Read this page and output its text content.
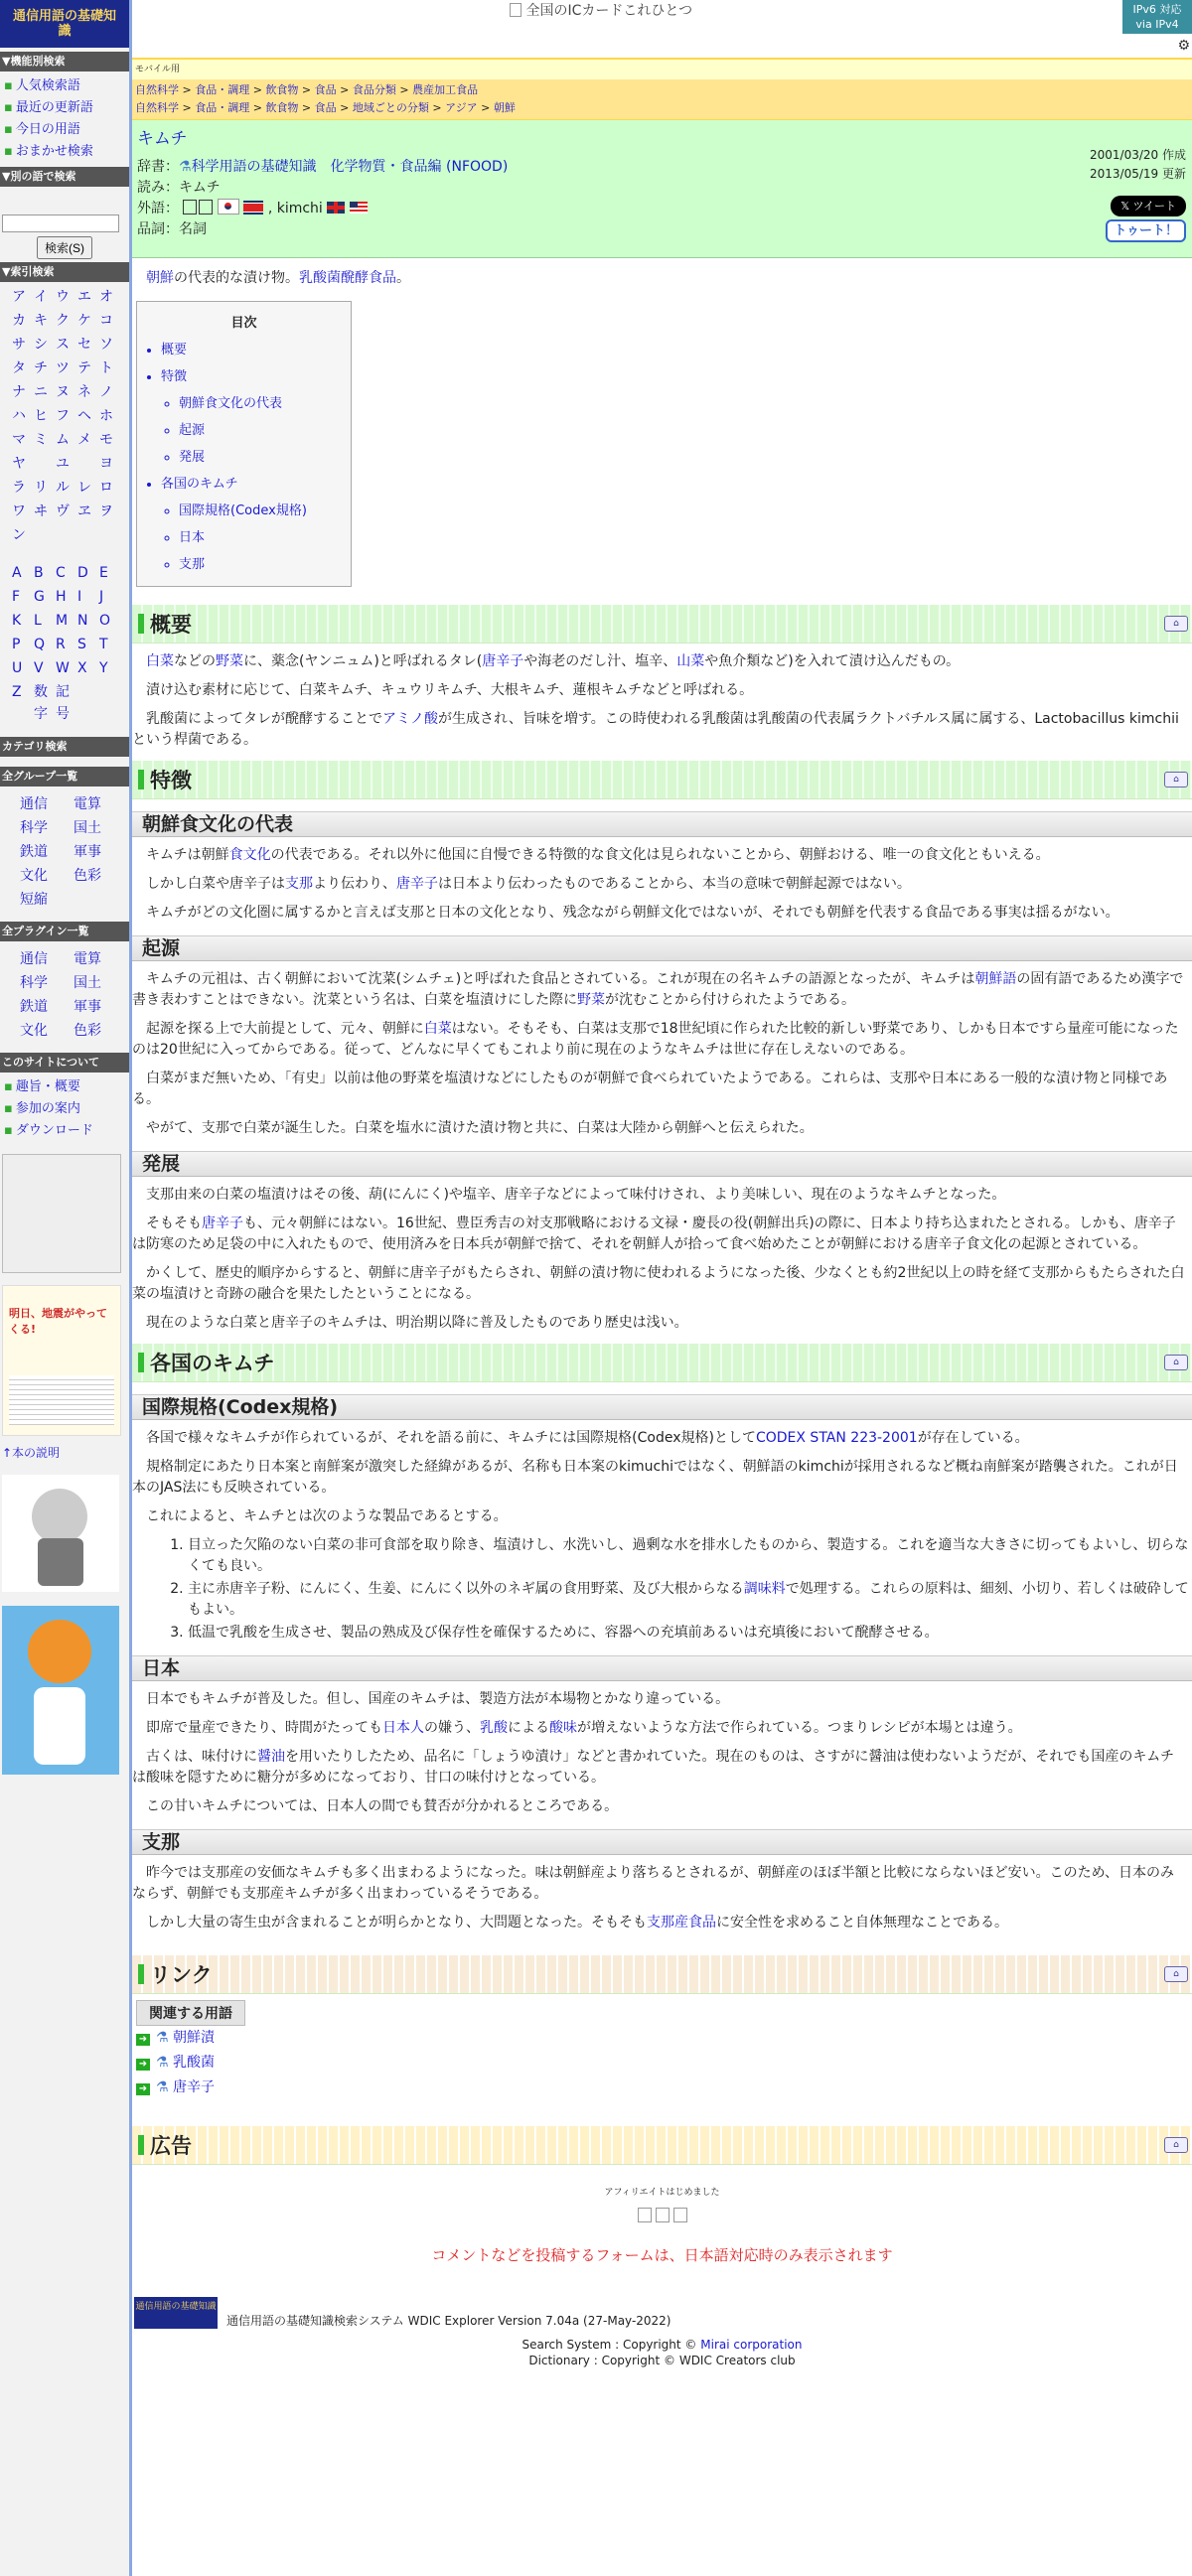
通信用語の基礎知識
▼機能別検索
▪ 人気検索語
▪ 最近の更新語
▪ 今日の用語
▪ おまかせ検索
▼別の語で検索
検索(S)
▼索引検索
ア イ ウ エ オ
カ キ ク ケ コ
サ シ ス セ ソ
タ チ ツ テ ト
ナ ニ ヌ ネ ノ
ハ ヒ フ ヘ ホ
マ ミ ム メ モ
ヤ	ユ	ヨ
ラ リ ル レ ロ
ワ ヰ ヴ ヱ ヲ
ン
A B C D E
F G H I	J
K L	M N O
P Q R S T
U V W X Y
Z 数字
記号
カテゴリ検索
全グループ一覧
通信	電算
科学	国土
鉄道	軍事
文化	色彩
短縮
全プラグイン一覧
通信	電算
科学	国土
鉄道	軍事
文化	色彩
このサイトについて
▪ 趣旨・概要
▪ 参加の案内
▪ ダウンロード
明日、地震がやってくる!
↑本の説明
全国のICカードこれひとつ	IPv6 対応
via IPv4
⚙
モバイル用
自然科学 > 食品・調理 > 飲食物 > 食品 > 食品分類 > 農産加工食品
自然科学 > 食品・調理 > 飲食物 > 食品 > 地域ごとの分類 > アジア > 朝鮮
キムチ
辞書：⚗科学用語の基礎知識　化学物質・食品編 (NFOOD)
読み：キムチ
外語：	, kimchi

品詞：名詞
2001/03/20 作成
2013/05/19 更新
𝕏 ツイート
トゥート！

朝鮮の代表的な漬け物。乳酸菌醗酵食品。

目次
• 概要
• 特徴
◦ 朝鮮食文化の代表
◦ 起源
◦ 発展
• 各国のキムチ
◦ 国際規格(Codex規格)
◦ 日本
◦ 支那
概要	⌂

白菜などの野菜に、薬念(ヤンニュム)と呼ばれるタレ(唐辛子や海老のだし汁、塩辛、山菜や魚介類など)を入れて漬け込んだもの。

漬け込む素材に応じて、白菜キムチ、キュウリキムチ、大根キムチ、蓮根キムチなどと呼ばれる。

乳酸菌によってタレが醗酵することでアミノ酸が生成され、旨味を増す。この時使われる乳酸菌は乳酸菌の代表属ラクトバチルス属に属する、Lactobacillus kimchiiという桿菌である。

特徴	⌂
朝鮮食文化の代表

キムチは朝鮮食文化の代表である。それ以外に他国に自慢できる特徴的な食文化は見られないことから、朝鮮おける、唯一の食文化ともいえる。

しかし白菜や唐辛子は支那より伝わり、唐辛子は日本より伝わったものであることから、本当の意味で朝鮮起源ではない。

キムチがどの文化圏に属するかと言えば支那と日本の文化となり、残念ながら朝鮮文化ではないが、それでも朝鮮を代表する食品である事実は揺るがない。

起源

キムチの元祖は、古く朝鮮において沈菜(シムチェ)と呼ばれた食品とされている。これが現在の名キムチの語源となったが、キムチは朝鮮語の固有語であるため漢字で書き表わすことはできない。沈菜という名は、白菜を塩漬けにした際に野菜が沈むことから付けられたようである。

起源を探る上で大前提として、元々、朝鮮に白菜はない。そもそも、白菜は支那で18世紀頃に作られた比較的新しい野菜であり、しかも日本ですら量産可能になったのは20世紀に入ってからである。従って、どんなに早くてもこれより前に現在のようなキムチは世に存在しえないのである。

白菜がまだ無いため、「有史」以前は他の野菜を塩漬けなどにしたものが朝鮮で食べられていたようである。これらは、支那や日本にある一般的な漬け物と同様である。

やがて、支那で白菜が誕生した。白菜を塩水に漬けた漬け物と共に、白菜は大陸から朝鮮へと伝えられた。

発展

支那由来の白菜の塩漬けはその後、葫(にんにく)や塩辛、唐辛子などによって味付けされ、より美味しい、現在のようなキムチとなった。

そもそも唐辛子も、元々朝鮮にはない。16世紀、豊臣秀吉の対支那戦略における文禄・慶長の役(朝鮮出兵)の際に、日本より持ち込まれたとされる。しかも、唐辛子は防寒のため足袋の中に入れたもので、使用済みを日本兵が朝鮮で捨て、それを朝鮮人が拾って食べ始めたことが朝鮮における唐辛子食文化の起源とされている。

かくして、歴史的順序からすると、朝鮮に唐辛子がもたらされ、朝鮮の漬け物に使われるようになった後、少なくとも約2世紀以上の時を経て支那からもたらされた白菜の塩漬けと奇跡の融合を果たしたということになる。

現在のような白菜と唐辛子のキムチは、明治期以降に普及したものであり歴史は浅い。

各国のキムチ	⌂
国際規格(Codex規格)

各国で様々なキムチが作られているが、それを語る前に、キムチには国際規格(Codex規格)としてCODEX STAN 223-2001が存在している。

規格制定にあたり日本案と南鮮案が激突した経緯があるが、名称も日本案のkimuchiではなく、朝鮮語のkimchiが採用されるなど概ね南鮮案が踏襲された。これが日本のJAS法にも反映されている。

これによると、キムチとは次のような製品であるとする。

1. 目立った欠陥のない白菜の非可食部を取り除き、塩漬けし、水洗いし、過剰な水を排水したものから、製造する。これを適当な大きさに切ってもよいし、切らなくても良い。
2. 主に赤唐辛子粉、にんにく、生姜、にんにく以外のネギ属の食用野菜、及び大根からなる調味料で処理する。これらの原料は、細刻、小切り、若しくは破砕してもよい。
3. 低温で乳酸を生成させ、製品の熟成及び保存性を確保するために、容器への充填前あるいは充填後において醗酵させる。
日本

日本でもキムチが普及した。但し、国産のキムチは、製造方法が本場物とかなり違っている。

即席で量産できたり、時間がたっても日本人の嫌う、乳酸による酸味が増えないような方法で作られている。つまりレシピが本場とは違う。

古くは、味付けに醤油を用いたりしたため、品名に「しょうゆ漬け」などと書かれていた。現在のものは、さすがに醤油は使わないようだが、それでも国産のキムチは酸味を隠すために糖分が多めになっており、甘口の味付けとなっている。

この甘いキムチについては、日本人の間でも賛否が分かれるところである。

支那

昨今では支那産の安価なキムチも多く出まわるようになった。味は朝鮮産より落ちるとされるが、朝鮮産のほぼ半額と比較にならないほど安い。このため、日本のみならず、朝鮮でも支那産キムチが多く出まわっているそうである。

しかし大量の寄生虫が含まれることが明らかとなり、大問題となった。そもそも支那産食品に安全性を求めること自体無理なことである。

リンク	⌂
関連する用語
➜ ⚗ 朝鮮漬
➜ ⚗ 乳酸菌
➜ ⚗ 唐辛子
広告	⌂
アフィリエイトはじめました
コメントなどを投稿するフォームは、日本語対応時のみ表示されます
通信用語の基礎知識
通信用語の基礎知識検索システム WDIC Explorer Version 7.04a (27-May-2022)
Search System : Copyright © Mirai corporation
Dictionary : Copyright © WDIC Creators club
